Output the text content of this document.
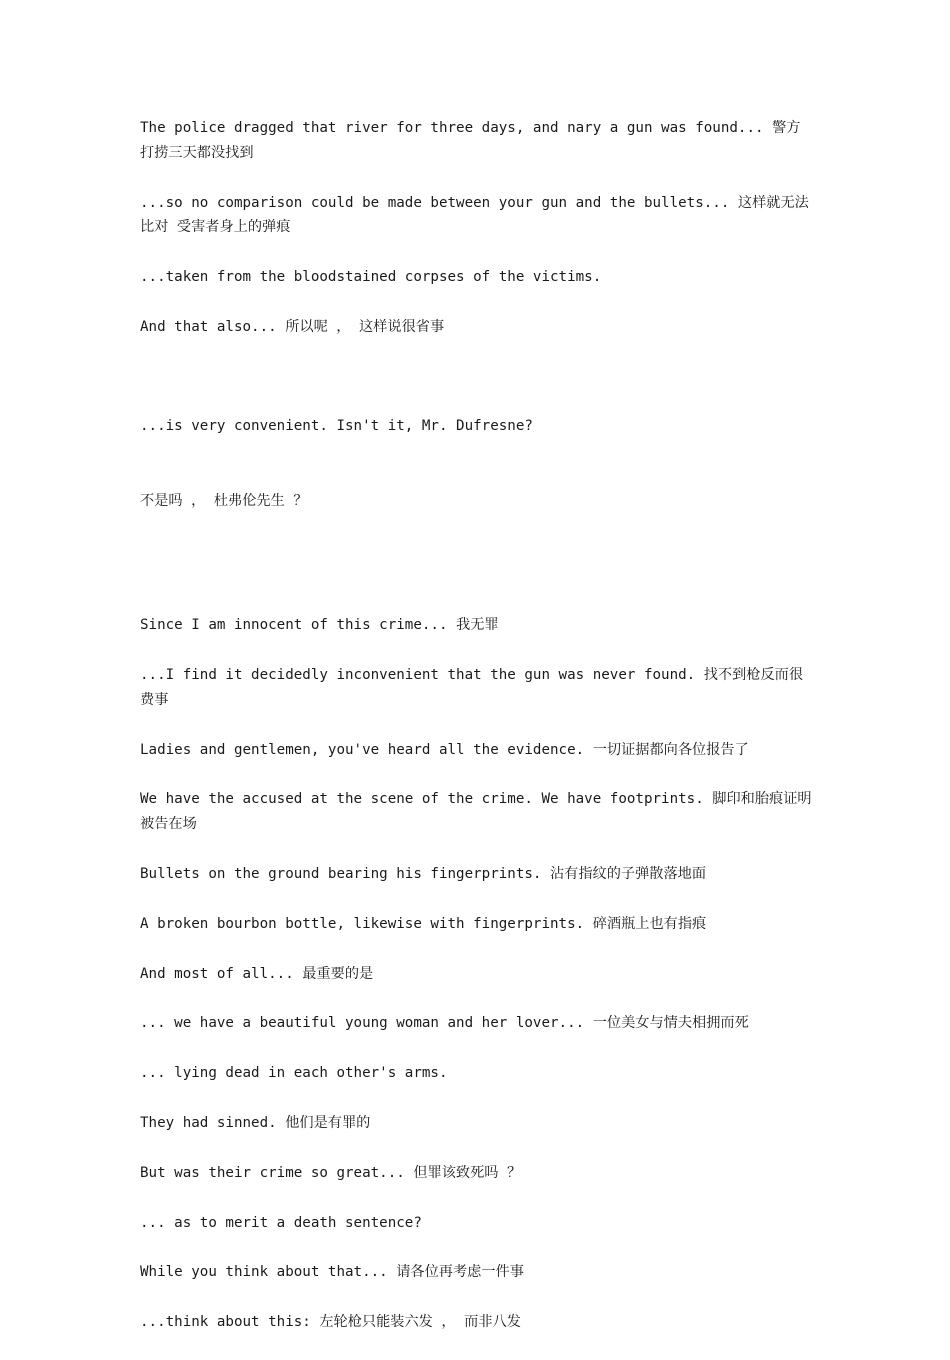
The police dragged that river for three days, and nary a gun was found... 警方打捞三天都没找到

...so no comparison could be made between your gun and the bullets... 这样就无法比对 受害者身上的弹痕

...taken from the bloodstained corpses of the victims.

And that also... 所以呢 ， 这样说很省事

...is very convenient. Isn't it, Mr. Dufresne?

不是吗 ， 杜弗伦先生 ？

Since I am innocent of this crime... 我无罪

...I find it decidedly inconvenient that the gun was never found. 找不到枪反而很费事

Ladies and gentlemen, you've heard all the evidence. 一切证据都向各位报告了

We have the accused at the scene of the crime. We have footprints. 脚印和胎痕证明被告在场

Bullets on the ground bearing his fingerprints. 沾有指纹的子弹散落地面

A broken bourbon bottle, likewise with fingerprints. 碎酒瓶上也有指痕

And most of all... 最重要的是

... we have a beautiful young woman and her lover... 一位美女与情夫相拥而死

... lying dead in each other's arms.

They had sinned. 他们是有罪的

But was their crime so great... 但罪该致死吗 ？

... as to merit a death sentence?

While you think about that... 请各位再考虑一件事

...think about this: 左轮枪只能装六发 ， 而非八发
